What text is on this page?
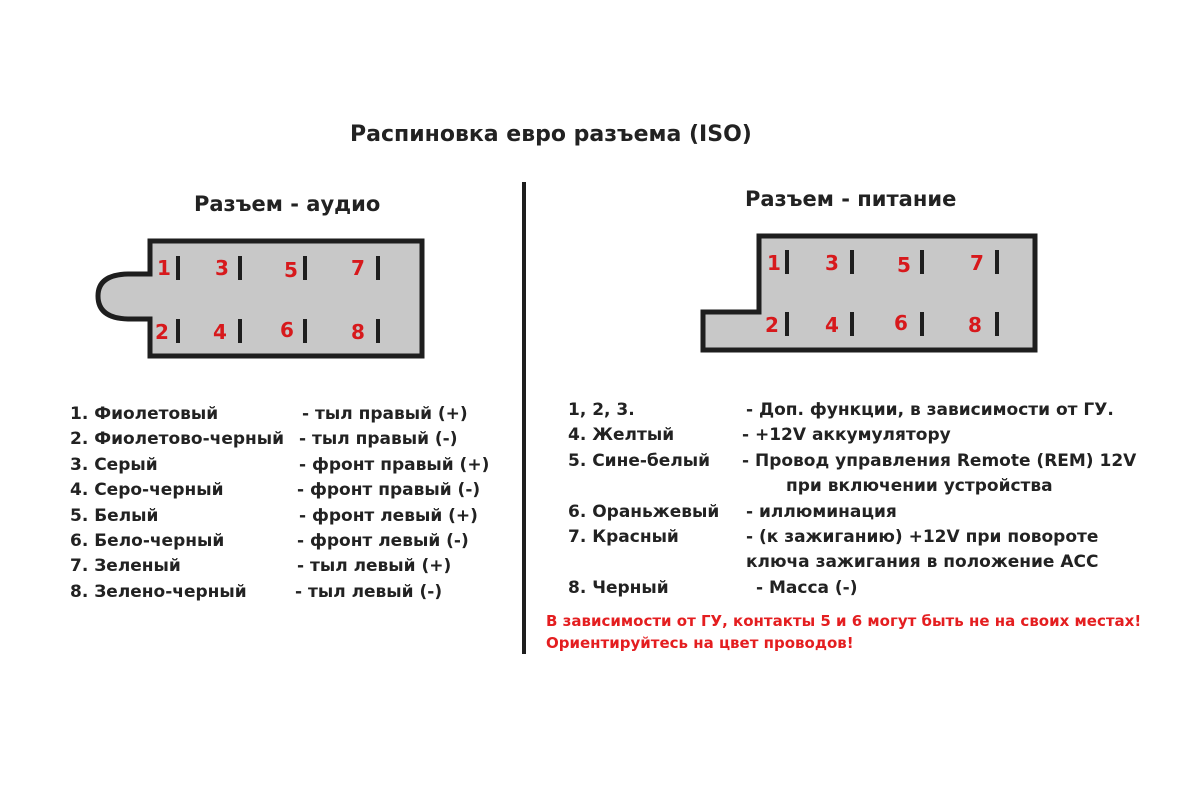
Распиновка евро разъема (ISO)
Разъем - аудио	Разъем - питание
1 3	5	7
2 4	6	8
1 3	5	7
2 4	6	8
1. Фиолетовый	- тыл правый (+)
2. Фиолетово-черный - тыл правый (-)
3. Серый	- фронт правый (+)
4. Серо-черный	- фронт правый (-)
5. Белый	- фронт левый (+)
6. Бело-черный	- фронт левый (-)
7. Зеленый	- тыл левый (+)
8. Зелено-черный	- тыл левый (-)
1, 2, 3.	- Доп. функции, в зависимости от ГУ.
4. Желтый	- +12V аккумулятору
5. Сине-белый - Провод управления Remote (REM) 12V
при включении устройства
6. Ораньжевый - иллюминация
7. Красный	- (к зажиганию) +12V при повороте
ключа зажигания в положение АСС
8. Черный	- Масса (-)
В зависимости от ГУ, контакты 5 и 6 могут быть не на своих местах!
Ориентируйтесь на цвет проводов!
